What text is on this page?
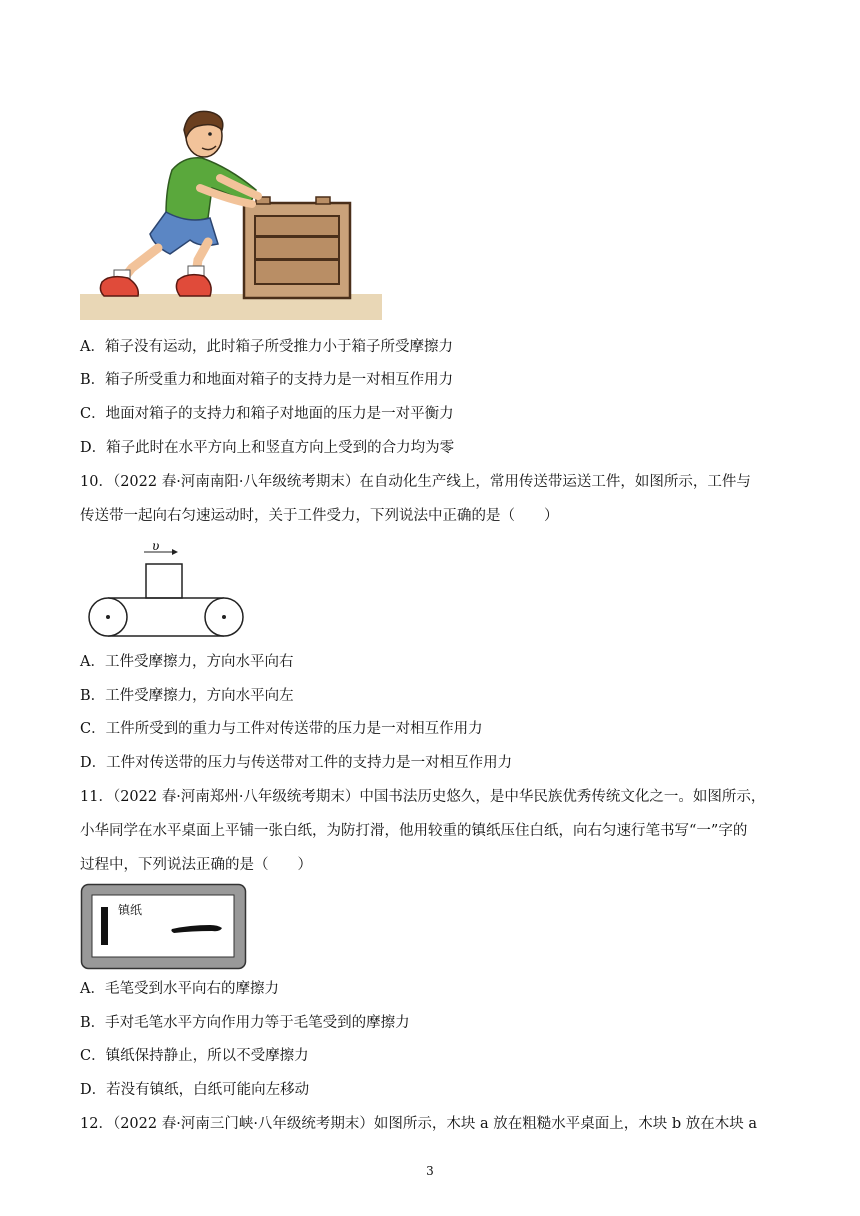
A．箱子没有运动，此时箱子所受推力小于箱子所受摩擦力
B．箱子所受重力和地面对箱子的支持力是一对相互作用力
C．地面对箱子的支持力和箱子对地面的压力是一对平衡力
D．箱子此时在水平方向上和竖直方向上受到的合力均为零
10．（2022 春·河南南阳·八年级统考期末）在自动化生产线上，常用传送带运送工件，如图所示，工件与
传送带一起向右匀速运动时，关于工件受力，下列说法中正确的是（　　）
υ
A．工件受摩擦力，方向水平向右
B．工件受摩擦力，方向水平向左
C．工件所受到的重力与工件对传送带的压力是一对相互作用力
D．工件对传送带的压力与传送带对工件的支持力是一对相互作用力
11．（2022 春·河南郑州·八年级统考期末）中国书法历史悠久，是中华民族优秀传统文化之一。如图所示，
小华同学在水平桌面上平铺一张白纸，为防打滑，他用较重的镇纸压住白纸，向右匀速行笔书写“一”字的
过程中，下列说法正确的是（　　）
镇纸
A．毛笔受到水平向右的摩擦力
B．手对毛笔水平方向作用力等于毛笔受到的摩擦力
C．镇纸保持静止，所以不受摩擦力
D．若没有镇纸，白纸可能向左移动
12．（2022 春·河南三门峡·八年级统考期末）如图所示，木块 a 放在粗糙水平桌面上，木块 b 放在木块 a
3
